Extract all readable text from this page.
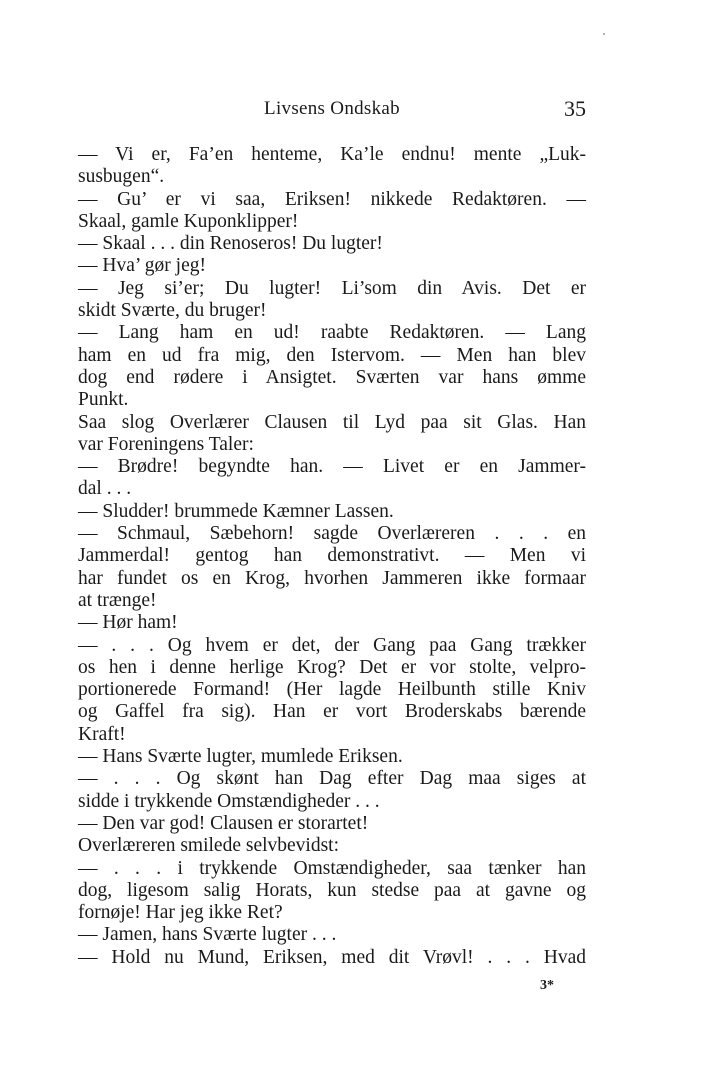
Livsens Ondskab	35
— Vi er, Fa’en henteme, Ka’le endnu! mente „Luk-
susbugen“.
— Gu’ er vi saa, Eriksen! nikkede Redaktøren. —
Skaal, gamle Kuponklipper!
— Skaal . . . din Renoseros! Du lugter!
— Hva’ gør jeg!
— Jeg si’er; Du lugter! Li’som din Avis. Det er
skidt Sværte, du bruger!
— Lang ham en ud! raabte Redaktøren. — Lang
ham en ud fra mig, den Istervom. — Men han blev
dog end rødere i Ansigtet. Sværten var hans ømme
Punkt.
Saa slog Overlærer Clausen til Lyd paa sit Glas. Han
var Foreningens Taler:
— Brødre! begyndte han. — Livet er en Jammer-
dal . . .
— Sludder! brummede Kæmner Lassen.
— Schmaul, Sæbehorn! sagde Overlæreren . . . en
Jammerdal! gentog han demonstrativt. — Men vi
har fundet os en Krog, hvorhen Jammeren ikke formaar
at trænge!
— Hør ham!
— . . . Og hvem er det, der Gang paa Gang trækker
os hen i denne herlige Krog? Det er vor stolte, velpro-
portionerede Formand! (Her lagde Heilbunth stille Kniv
og Gaffel fra sig). Han er vort Broderskabs bærende
Kraft!
— Hans Sværte lugter, mumlede Eriksen.
— . . . Og skønt han Dag efter Dag maa siges at
sidde i trykkende Omstændigheder . . .
— Den var god! Clausen er storartet!
Overlæreren smilede selvbevidst:
— . . . i trykkende Omstændigheder, saa tænker han
dog, ligesom salig Horats, kun stedse paa at gavne og
fornøje! Har jeg ikke Ret?
— Jamen, hans Sværte lugter . . .
— Hold nu Mund, Eriksen, med dit Vrøvl! . . . Hvad
3*
